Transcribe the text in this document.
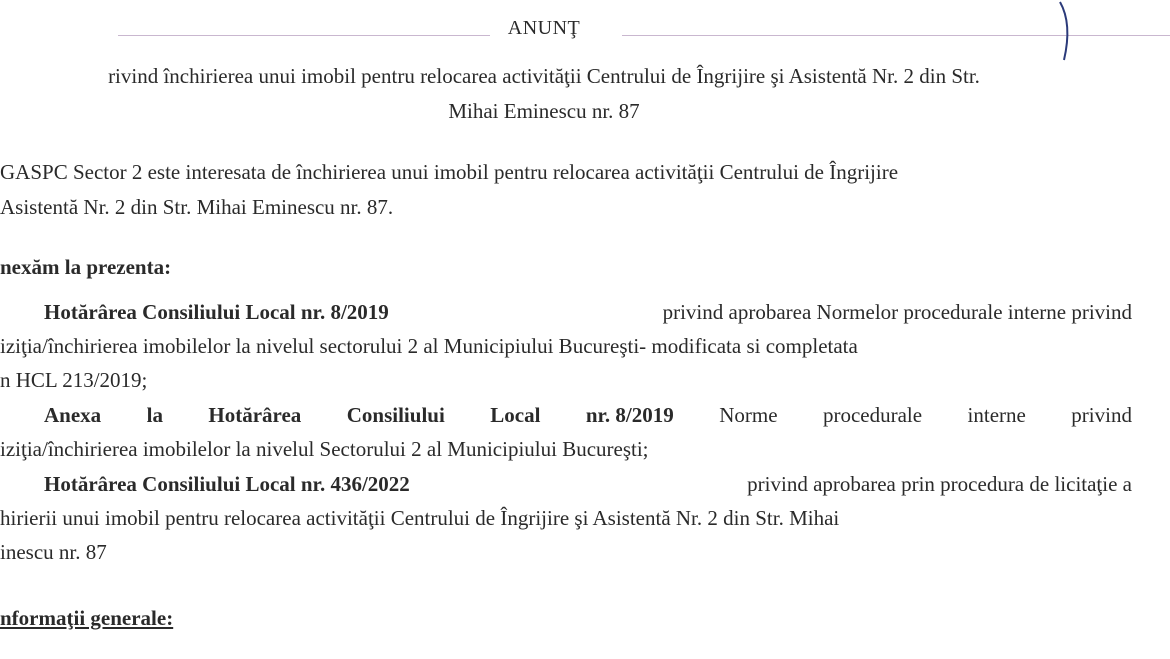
ANUNŢ
rivind închirierea unui imobil pentru relocarea activităţii Centrului de Îngrijire şi Asistentă Nr. 2 din Str.
Mihai Eminescu nr. 87
GASPC Sector 2 este interesata de închirierea unui imobil pentru relocarea activităţii Centrului de Îngrijire
Asistentă Nr. 2 din Str. Mihai Eminescu nr. 87.
nexăm la prezenta:
Hotărârea Consiliului Local nr. 8/2019	privind aprobarea Normelor procedurale interne privind
iziţia/închirierea imobilelor la nivelul sectorului 2 al Municipiului Bucureşti- modificata si completata
n HCL 213/2019;
Anexa la Hotărârea Consiliului Local nr. 8/2019 Norme procedurale interne privind
iziţia/închirierea imobilelor la nivelul Sectorului 2 al Municipiului Bucureşti;
Hotărârea Consiliului Local nr. 436/2022	privind aprobarea prin procedura de licitaţie a
hirierii unui imobil pentru relocarea activităţii Centrului de Îngrijire şi Asistentă Nr. 2 din Str. Mihai
inescu nr. 87
nformaţii generale:
